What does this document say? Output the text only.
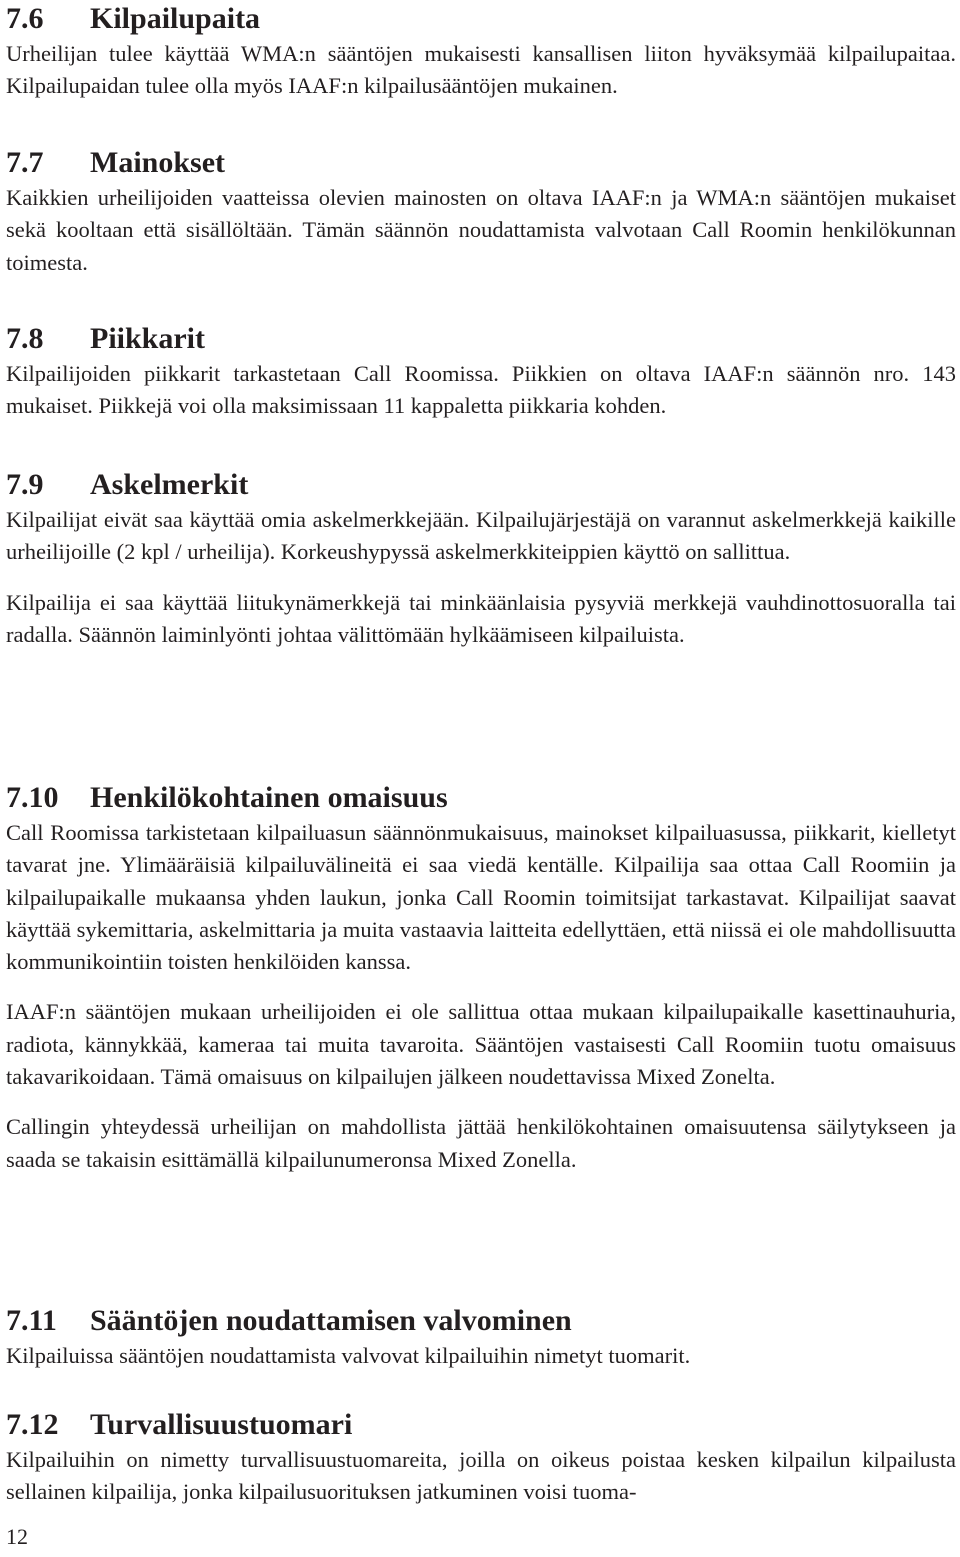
7.6	Kilpailupaita

Urheilijan tulee käyttää WMA:n sääntöjen mukaisesti kansallisen liiton hyväksymää kilpailupaitaa. Kilpailupaidan tulee olla myös IAAF:n kilpailusääntöjen mukainen.

7.7	Mainokset

Kaikkien urheilijoiden vaatteissa olevien mainosten on oltava IAAF:n ja WMA:n sääntöjen mukaiset sekä kooltaan että sisällöltään. Tämän säännön noudattamista valvotaan Call Roomin henkilökunnan toimesta.

7.8	Piikkarit

Kilpailijoiden piikkarit tarkastetaan Call Roomissa. Piikkien on oltava IAAF:n säännön nro. 143 mukaiset. Piikkejä voi olla maksimissaan 11 kappaletta piikkaria kohden.

7.9	Askelmerkit

Kilpailijat eivät saa käyttää omia askelmerkkejään. Kilpailujärjestäjä on varannut askelmerkkejä kaikille urheilijoille (2 kpl / urheilija). Korkeushypyssä askelmerkkiteippien käyttö on sallittua.

Kilpailija ei saa käyttää liitukynämerkkejä tai minkäänlaisia pysyviä merkkejä vauhdinottosuoralla tai radalla. Säännön laiminlyönti johtaa välittömään hylkäämiseen kilpailuista.

7.10	Henkilökohtainen omaisuus

Call Roomissa tarkistetaan kilpailuasun säännönmukaisuus, mainokset kilpailuasussa, piikkarit, kielletyt tavarat jne. Ylimääräisiä kilpailuvälineitä ei saa viedä kentälle. Kilpailija saa ottaa Call Roomiin ja kilpailupaikalle mukaansa yhden laukun, jonka Call Roomin toimitsijat tarkastavat. Kilpailijat saavat käyttää sykemittaria, askelmittaria ja muita vastaavia laitteita edellyttäen, että niissä ei ole mahdollisuutta kommunikointiin toisten henkilöiden kanssa.

IAAF:n sääntöjen mukaan urheilijoiden ei ole sallittua ottaa mukaan kilpailupaikalle kasettinauhuria, radiota, kännykkää, kameraa tai muita tavaroita. Sääntöjen vastaisesti Call Roomiin tuotu omaisuus takavarikoidaan. Tämä omaisuus on kilpailujen jälkeen noudettavissa Mixed Zonelta.

Callingin yhteydessä urheilijan on mahdollista jättää henkilökohtainen omaisuutensa säilytykseen ja saada se takaisin esittämällä kilpailunumeronsa Mixed Zonella.

7.11	Sääntöjen noudattamisen valvominen

Kilpailuissa sääntöjen noudattamista valvovat kilpailuihin nimetyt tuomarit.

7.12	Turvallisuustuomari

Kilpailuihin on nimetty turvallisuustuomareita, joilla on oikeus poistaa kesken kilpailun kilpailusta sellainen kilpailija, jonka kilpailusuorituksen jatkuminen voisi tuoma-

12
